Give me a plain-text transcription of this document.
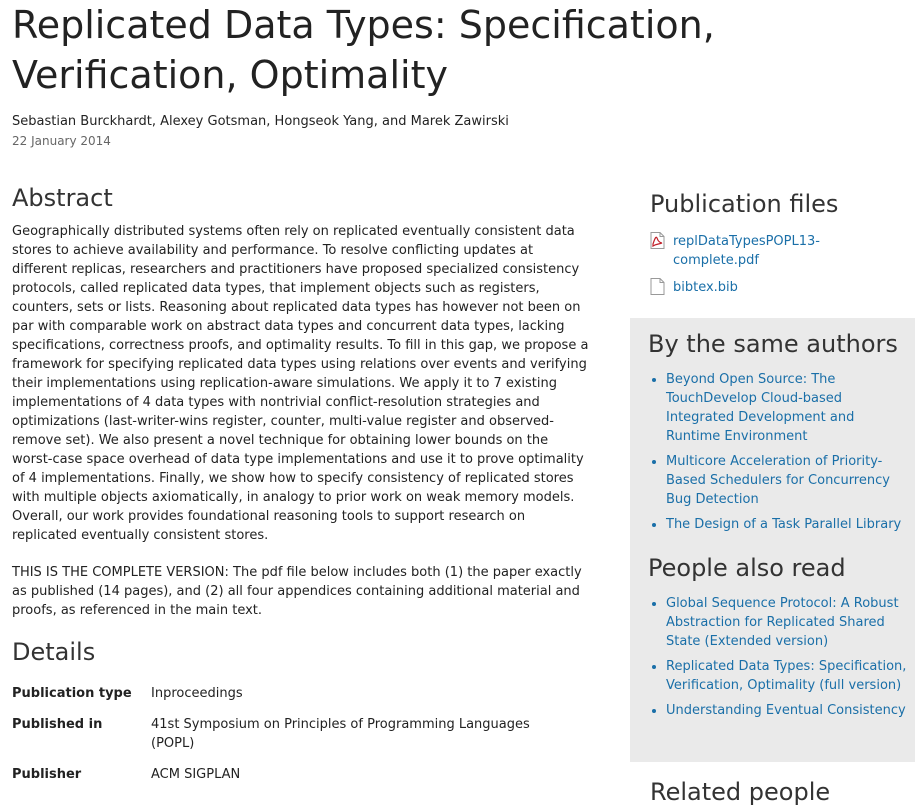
Replicated Data Types: Specification, Verification, Optimality
Sebastian Burckhardt, Alexey Gotsman, Hongseok Yang, and Marek Zawirski
22 January 2014
Abstract

Geographically distributed systems often rely on replicated eventually consistent data stores to achieve availability and performance. To resolve conflicting updates at different replicas, researchers and practitioners have proposed specialized consistency protocols, called replicated data types, that implement objects such as registers, counters, sets or lists. Reasoning about replicated data types has however not been on par with comparable work on abstract data types and concurrent data types, lacking specifications, correctness proofs, and optimality results. To fill in this gap, we propose a framework for specifying replicated data types using relations over events and verifying their implementations using replication-aware simulations. We apply it to 7 existing implementations of 4 data types with nontrivial conflict-resolution strategies and optimizations (last-writer-wins register, counter, multi-value register and observed-remove set). We also present a novel technique for obtaining lower bounds on the worst-case space overhead of data type implementations and use it to prove optimality of 4 implementations. Finally, we show how to specify consistency of replicated stores with multiple objects axiomatically, in analogy to prior work on weak memory models. Overall, our work provides foundational reasoning tools to support research on replicated eventually consistent stores.

THIS IS THE COMPLETE VERSION: The pdf file below includes both (1) the paper exactly as published (14 pages), and (2) all four appendices containing additional material and proofs, as referenced in the main text.

Details
Publication type	Inproceedings
Published in	41st Symposium on Principles of Programming Languages (POPL)
Publisher	ACM SIGPLAN
Publication files
replDataTypesPOPL13-complete.pdf
bibtex.bib
By the same authors
• Beyond Open Source: The TouchDevelop Cloud-based Integrated Development and Runtime Environment
• Multicore Acceleration of Priority-Based Schedulers for Concurrency Bug Detection
• The Design of a Task Parallel Library
People also read
• Global Sequence Protocol: A Robust Abstraction for Replicated Shared State (Extended version)
• Replicated Data Types: Specification, Verification, Optimality (full version)
• Understanding Eventual Consistency
Related people
